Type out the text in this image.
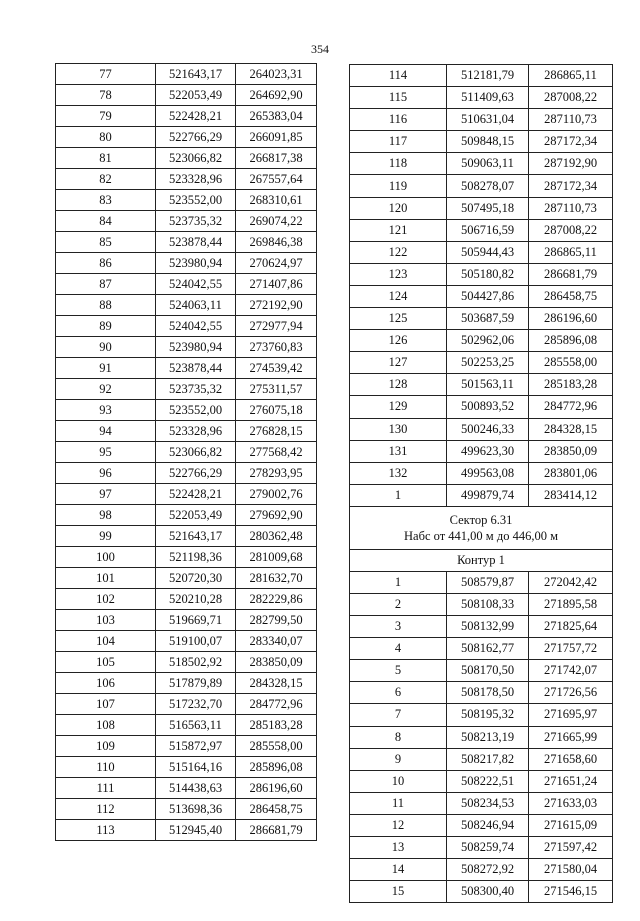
354
77	521643,17	264023,31
78	522053,49	264692,90
79	522428,21	265383,04
80	522766,29	266091,85
81	523066,82	266817,38
82	523328,96	267557,64
83	523552,00	268310,61
84	523735,32	269074,22
85	523878,44	269846,38
86	523980,94	270624,97
87	524042,55	271407,86
88	524063,11	272192,90
89	524042,55	272977,94
90	523980,94	273760,83
91	523878,44	274539,42
92	523735,32	275311,57
93	523552,00	276075,18
94	523328,96	276828,15
95	523066,82	277568,42
96	522766,29	278293,95
97	522428,21	279002,76
98	522053,49	279692,90
99	521643,17	280362,48
100	521198,36	281009,68
101	520720,30	281632,70
102	520210,28	282229,86
103	519669,71	282799,50
104	519100,07	283340,07
105	518502,92	283850,09
106	517879,89	284328,15
107	517232,70	284772,96
108	516563,11	285183,28
109	515872,97	285558,00
110	515164,16	285896,08
111	514438,63	286196,60
112	513698,36	286458,75
113	512945,40	286681,79
114	512181,79	286865,11
115	511409,63	287008,22
116	510631,04	287110,73
117	509848,15	287172,34
118	509063,11	287192,90
119	508278,07	287172,34
120	507495,18	287110,73
121	506716,59	287008,22
122	505944,43	286865,11
123	505180,82	286681,79
124	504427,86	286458,75
125	503687,59	286196,60
126	502962,06	285896,08
127	502253,25	285558,00
128	501563,11	285183,28
129	500893,52	284772,96
130	500246,33	284328,15
131	499623,30	283850,09
132	499563,08	283801,06
1	499879,74	283414,12
Сектор 6.31
Набс от 441,00 м до 446,00 м		
Контур 1		
1	508579,87	272042,42
2	508108,33	271895,58
3	508132,99	271825,64
4	508162,77	271757,72
5	508170,50	271742,07
6	508178,50	271726,56
7	508195,32	271695,97
8	508213,19	271665,99
9	508217,82	271658,60
10	508222,51	271651,24
11	508234,53	271633,03
12	508246,94	271615,09
13	508259,74	271597,42
14	508272,92	271580,04
15	508300,40	271546,15
